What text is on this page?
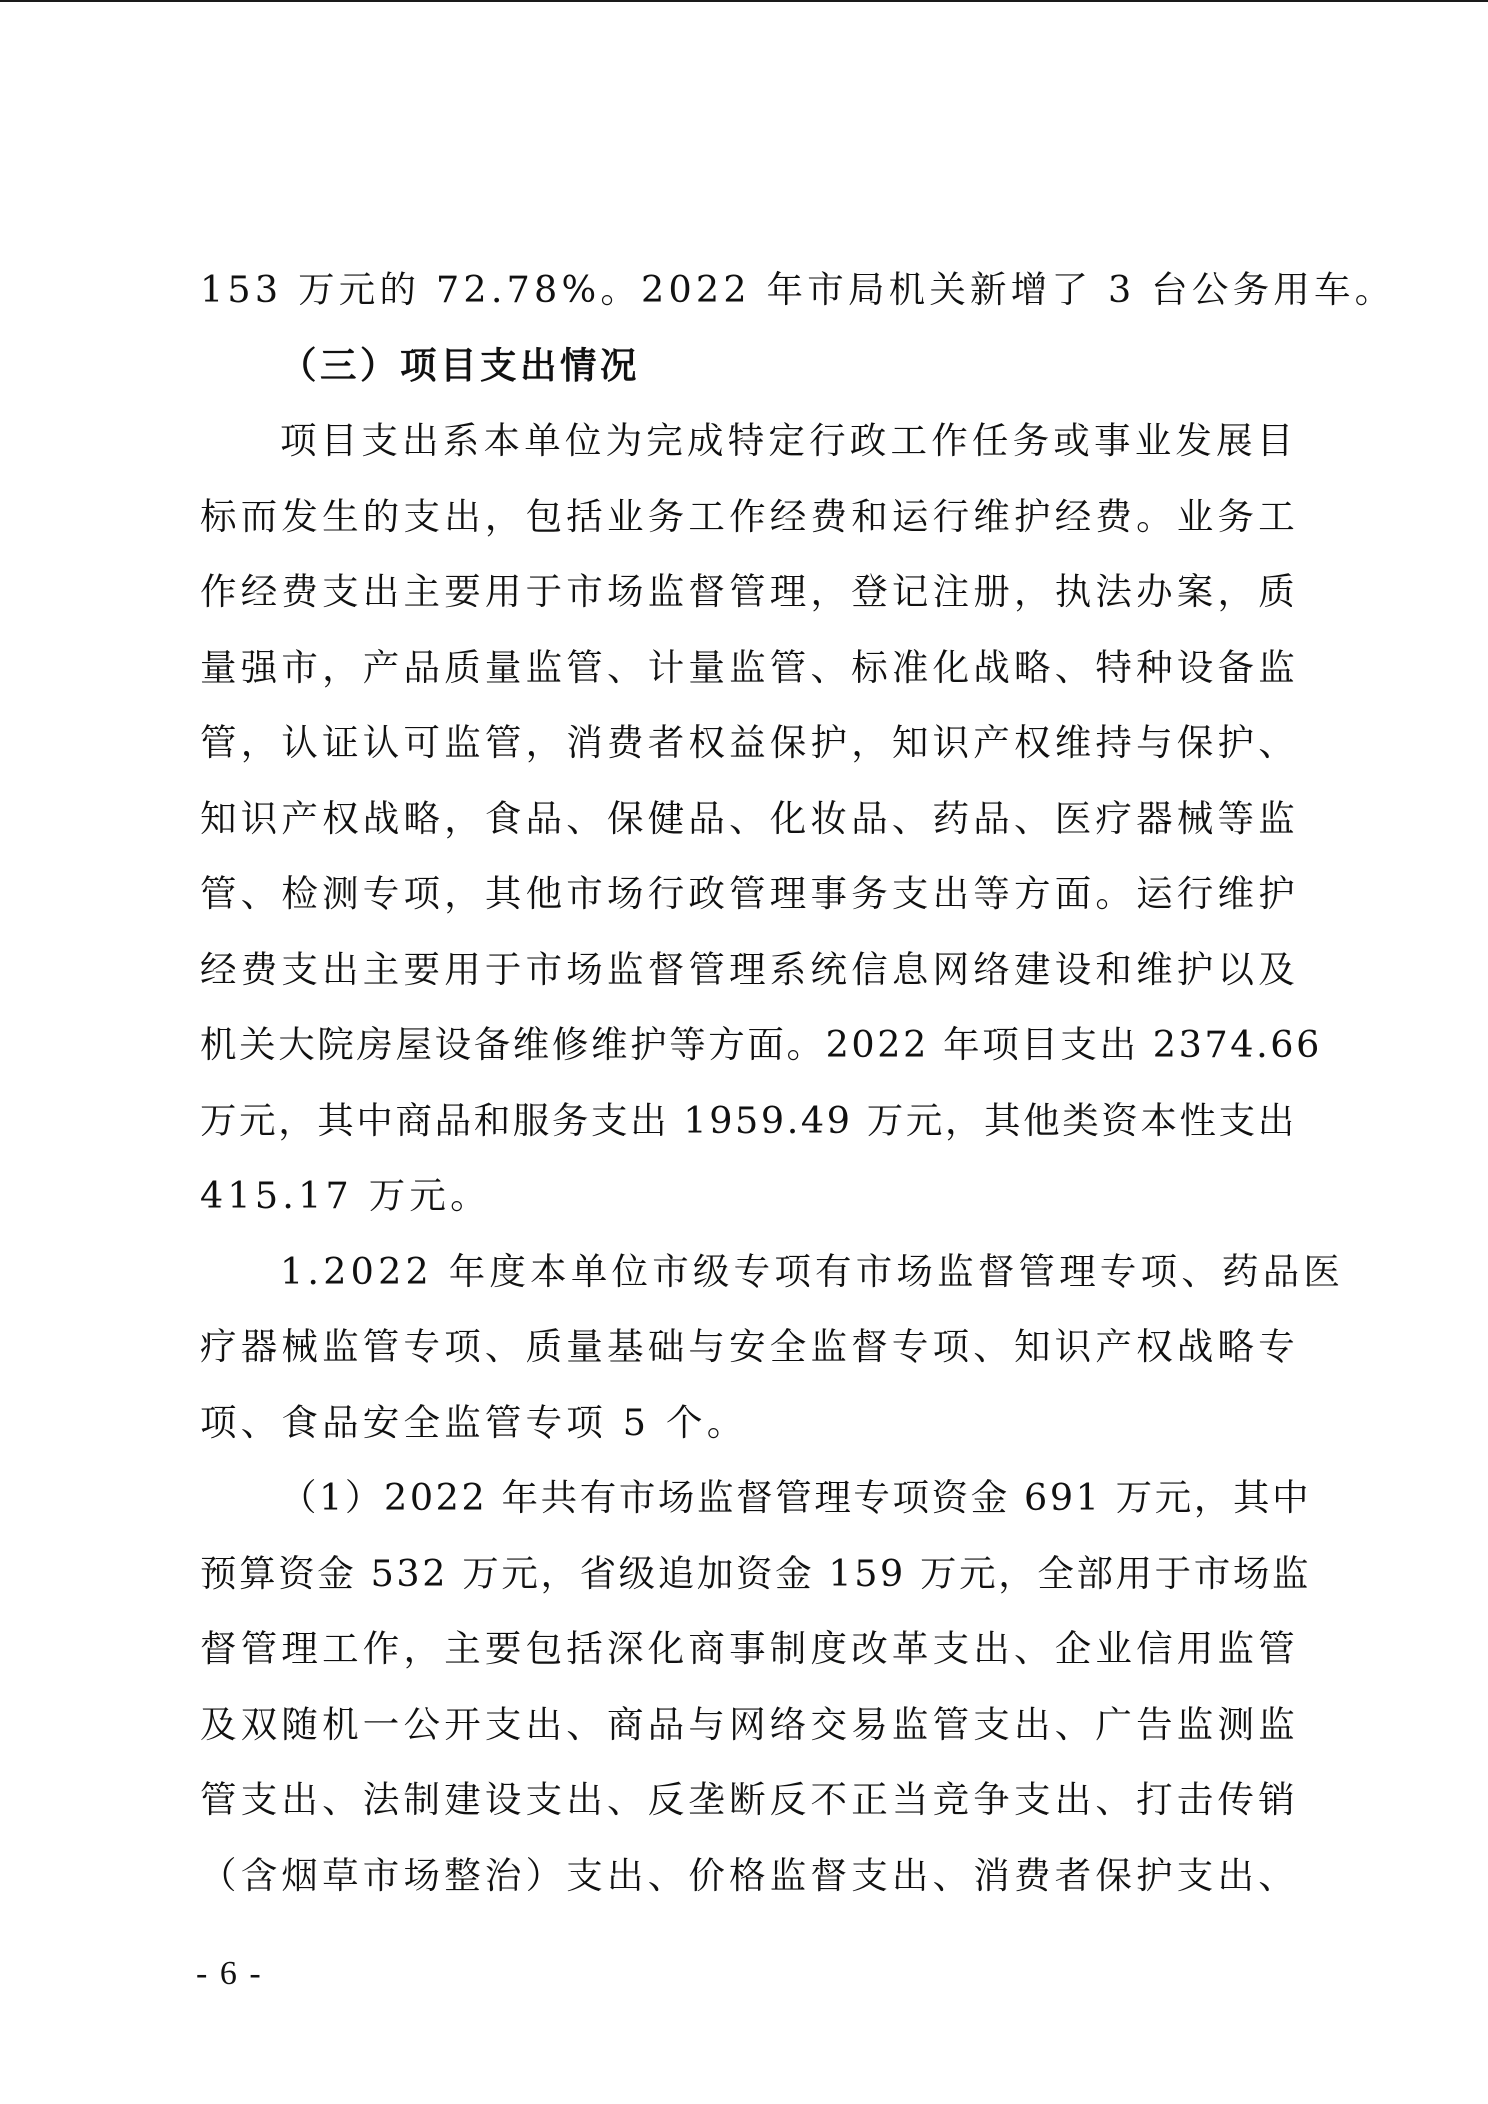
153 万元的 72.78%。2022 年市局机关新增了 3 台公务用车。
（三）项目支出情况
项目支出系本单位为完成特定行政工作任务或事业发展目
标而发生的支出，包括业务工作经费和运行维护经费。业务工
作经费支出主要用于市场监督管理，登记注册，执法办案，质
量强市，产品质量监管、计量监管、标准化战略、特种设备监
管，认证认可监管，消费者权益保护，知识产权维持与保护、
知识产权战略，食品、保健品、化妆品、药品、医疗器械等监
管、检测专项，其他市场行政管理事务支出等方面。运行维护
经费支出主要用于市场监督管理系统信息网络建设和维护以及
机关大院房屋设备维修维护等方面。2022 年项目支出 2374.66
万元，其中商品和服务支出 1959.49 万元，其他类资本性支出
415.17 万元。
1.2022 年度本单位市级专项有市场监督管理专项、药品医
疗器械监管专项、质量基础与安全监督专项、知识产权战略专
项、食品安全监管专项 5 个。
（1）2022 年共有市场监督管理专项资金 691 万元，其中
预算资金 532 万元，省级追加资金 159 万元，全部用于市场监
督管理工作，主要包括深化商事制度改革支出、企业信用监管
及双随机一公开支出、商品与网络交易监管支出、广告监测监
管支出、法制建设支出、反垄断反不正当竞争支出、打击传销
（含烟草市场整治）支出、价格监督支出、消费者保护支出、
- 6 -
